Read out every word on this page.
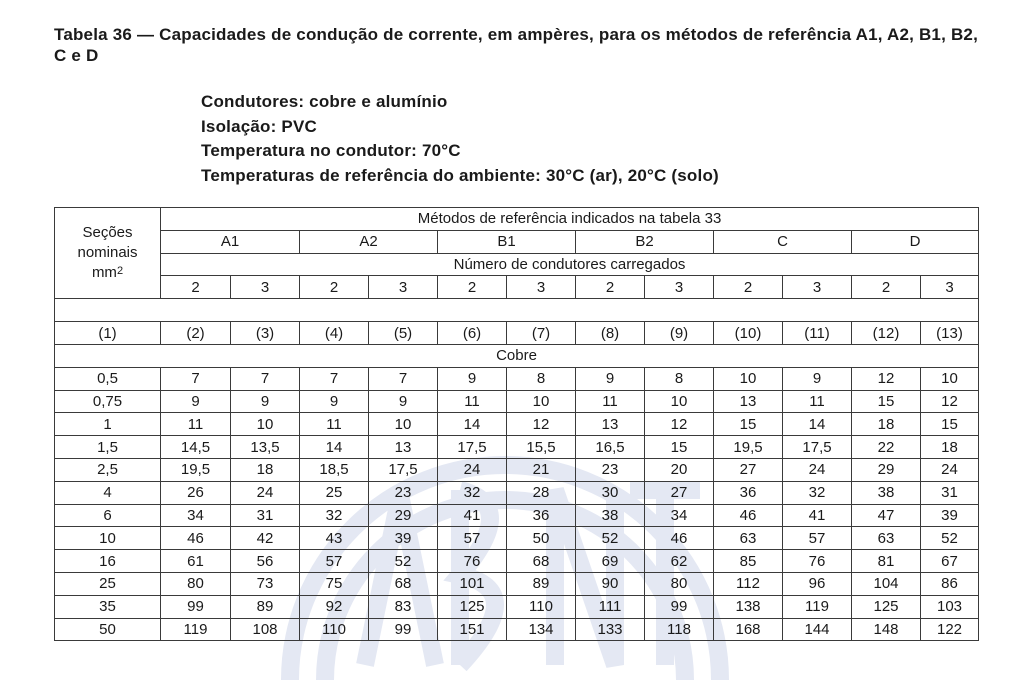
Tabela 36 — Capacidades de condução de corrente, em ampères, para os métodos de referência A1, A2, B1, B2, C e D
Condutores: cobre e alumínio
Isolação: PVC
Temperatura no condutor: 70°C
Temperaturas de referência do ambiente: 30°C (ar), 20°C (solo)
Seções
nominais
$mm^2$	Métodos de referência indicados na tabela 33											
	A1		A2		B1		B2		C		D	
	Número de condutores carregados											
	2	3	2	3	2	3	2	3	2	3	2	3

(1)	(2)	(3)	(4)	(5)	(6)	(7)	(8)	(9)	(10)	(11)	(12)	(13)
Cobre												
0,5	7	7	7	7	9	8	9	8	10	9	12	10
0,75	9	9	9	9	11	10	11	10	13	11	15	12
1	11	10	11	10	14	12	13	12	15	14	18	15
1,5	14,5	13,5	14	13	17,5	15,5	16,5	15	19,5	17,5	22	18
2,5	19,5	18	18,5	17,5	24	21	23	20	27	24	29	24
4	26	24	25	23	32	28	30	27	36	32	38	31
6	34	31	32	29	41	36	38	34	46	41	47	39
10	46	42	43	39	57	50	52	46	63	57	63	52
16	61	56	57	52	76	68	69	62	85	76	81	67
25	80	73	75	68	101	89	90	80	112	96	104	86
35	99	89	92	83	125	110	111	99	138	119	125	103
50	119	108	110	99	151	134	133	118	168	144	148	122
